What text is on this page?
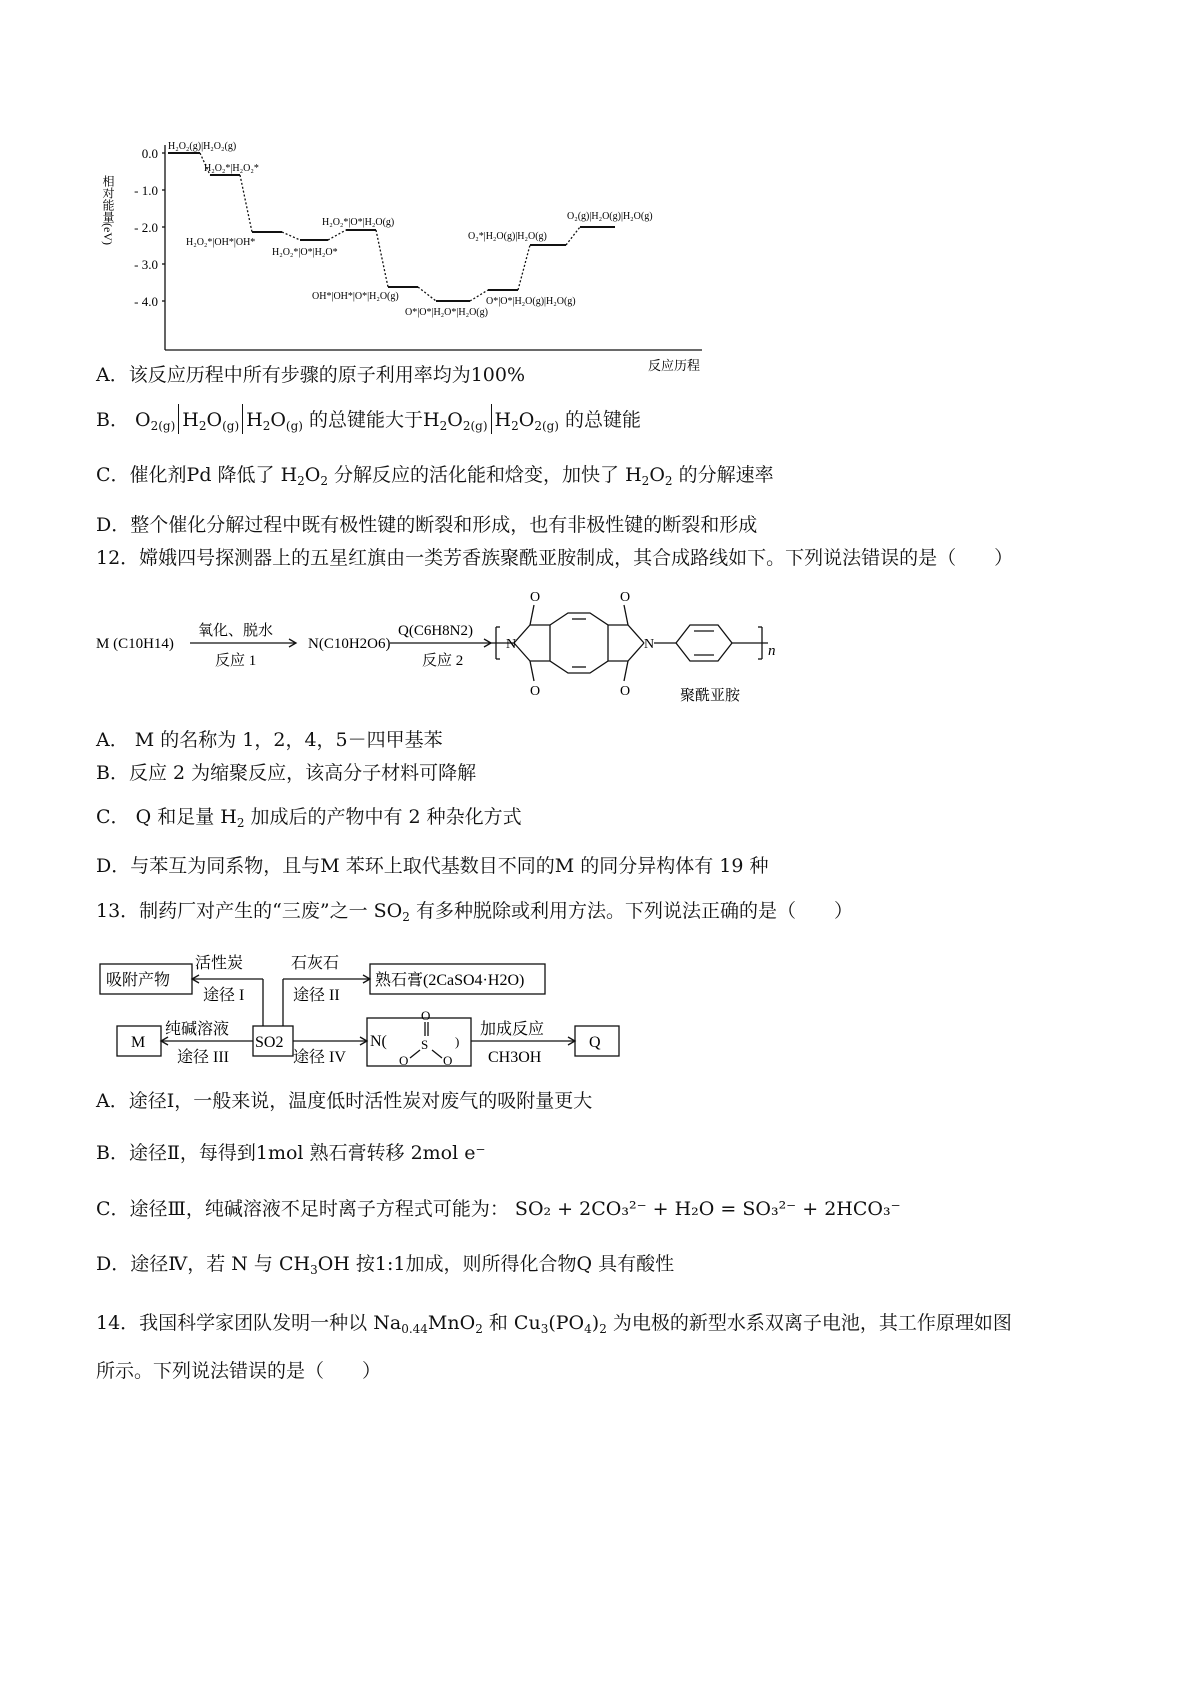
0.0
- 1.0
- 2.0
- 3.0
- 4.0
相对能量(eV)
反应历程
H₂O₂(g)|H₂O₂(g)
H₂O₂*|H₂O₂*
H₂O₂*|OH*|OH*
H₂O₂*|O*|H₂O*
H₂O₂*|O*|H₂O(g)
OH*|OH*|O*|H₂O(g)
O*|O*|H₂O*|H₂O(g)
O*|O*|H₂O(g)|H₂O(g)
O₂*|H₂O(g)|H₂O(g)
O₂(g)|H₂O(g)|H₂O(g)
A．该反应历程中所有步骤的原子利用率均为100%
B． $O_{2(g)}$ $H_2O_{(g)}$ $H_2O_{(g)}$ 的总键能大于$H_2O_{2(g)}$ $H_2O_{2(g)}$ 的总键能
C．催化剂Pd 降低了 $H_2O_2$ 分解反应的活化能和焓变，加快了 $H_2O_2$ 的分解速率
D．整个催化分解过程中既有极性键的断裂和形成，也有非极性键的断裂和形成
12．嫦娥四号探测器上的五星红旗由一类芳香族聚酰亚胺制成，其合成路线如下。下列说法错误的是（　　）
M (C10H14)
氧化、脱水
反应 1
N(C10H2O6)
Q(C6H8N2)
反应 2
聚酰亚胺
n
N	N
O
O
O
O
A． M 的名称为 1，2，4，5－四甲基苯
B．反应 2 为缩聚反应，该高分子材料可降解
C． Q 和足量 $H_2$ 加成后的产物中有 2 种杂化方式
D．与苯互为同系物，且与M 苯环上取代基数目不同的M 的同分异构体有 19 种
13．制药厂对产生的“三废”之一 $SO_2$ 有多种脱除或利用方法。下列说法正确的是（　　）
吸附产物
活性炭
途径 I
石灰石
途径 II
熟石膏(2CaSO4·H2O)
M
纯碱溶液
途径 III
SO2
途径 IV
N(
加成反应
CH3OH
Q
O
S
O	O
)
A．途径Ⅰ，一般来说，温度低时活性炭对废气的吸附量更大
B．途径Ⅱ，每得到1mol 熟石膏转移 2mol e⁻
C．途径Ⅲ，纯碱溶液不足时离子方程式可能为： SO₂ + 2CO₃²⁻ + H₂O = SO₃²⁻ + 2HCO₃⁻
D．途径Ⅳ，若 N 与 $CH_3OH$ 按1:1加成，则所得化合物Q 具有酸性
14．我国科学家团队发明一种以 $Na_{0.44}MnO_2$ 和 $Cu_3(PO_4)_2$ 为电极的新型水系双离子电池，其工作原理如图
所示。下列说法错误的是（　　）
